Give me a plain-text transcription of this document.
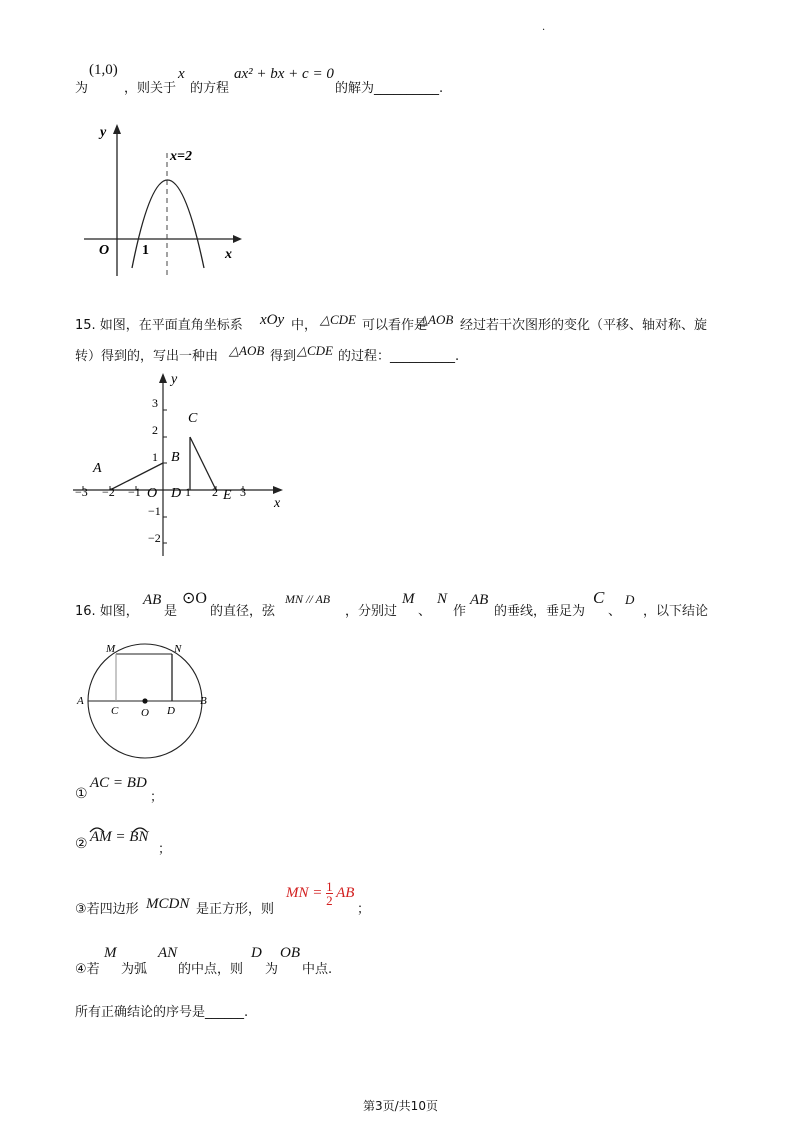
.
为
(1,0)
，则关于
x
的方程
ax² + bx + c = 0
的解为__________.
y
x
O 1
x=2
15. 如图，在平面直角坐标系 xOy 中， △CDE 可以看作是
△AOB 经过若干次图形的变化（平移、轴对称、旋
转）得到的，写出一种由 △AOB 得到 △CDE 的过程：__________.
−3 −2 −1 O 1 2 3
3
2
1
−1
−2
y
x
A
B
C
D	E
16. 如图，
AB
是
⊙O
的直径，弦
MN // AB
，分别过
M
、
N
作
AB
的垂线，垂足为
C
、
D
，以下结论
M	N
A	B
C O D
①
AC = BD
；
② AM = BN
；
③若四边形 MCDN 是正方形，则
MN = $\frac{1}{2}$ AB
；
④若
M
为弧
AN
的中点，则
D
为
OB
中点.
所有正确结论的序号是______.
第3页/共10页
